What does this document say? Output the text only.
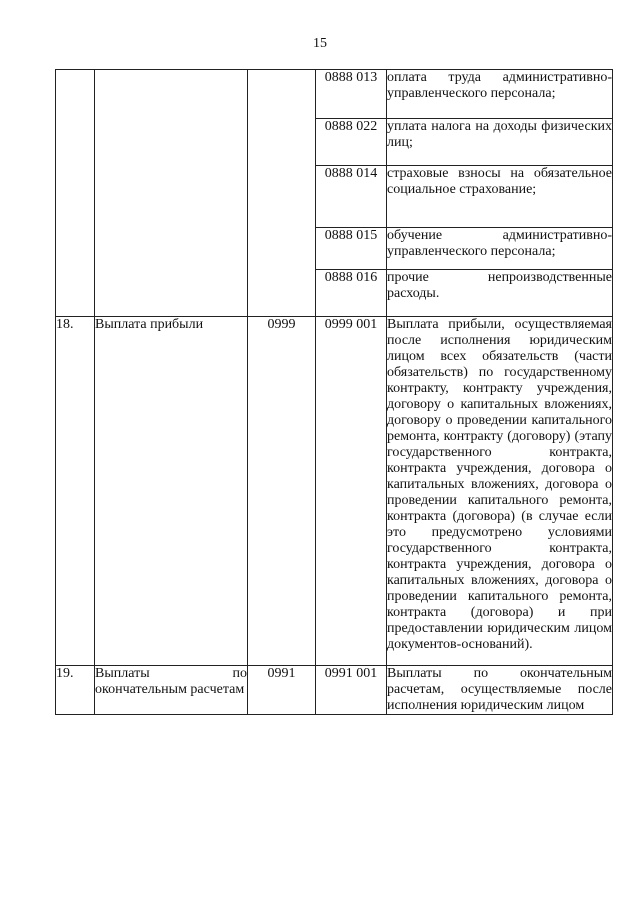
15
			0888 013	оплата труда административно-управленческого персонала;
			0888 022	уплата налога на доходы физических лиц;
			0888 014	страховые взносы на обязательное социальное страхование;
			0888 015	обучение административно-управленческого персонала;
			0888 016	прочие непроизводственные расходы.
18.	Выплата прибыли	0999	0999 001	Выплата прибыли, осуществляемая после исполнения юридическим лицом всех обязательств (части обязательств) по государственному контракту, контракту учреждения, договору о капитальных вложениях, договору о проведении капитального ремонта, контракту (договору) (этапу государственного контракта, контракта учреждения, договора о капитальных вложениях, договора о проведении капитального ремонта, контракта (договора) (в случае если это предусмотрено условиями государственного контракта, контракта учреждения, договора о капитальных вложениях, договора о проведении капитального ремонта, контракта (договора) и при предоставлении юридическим лицом документов-оснований).
19.	Выплаты по окончательным расчетам	0991	0991 001	Выплаты по окончательным расчетам, осуществляемые после исполнения юридическим лицом
